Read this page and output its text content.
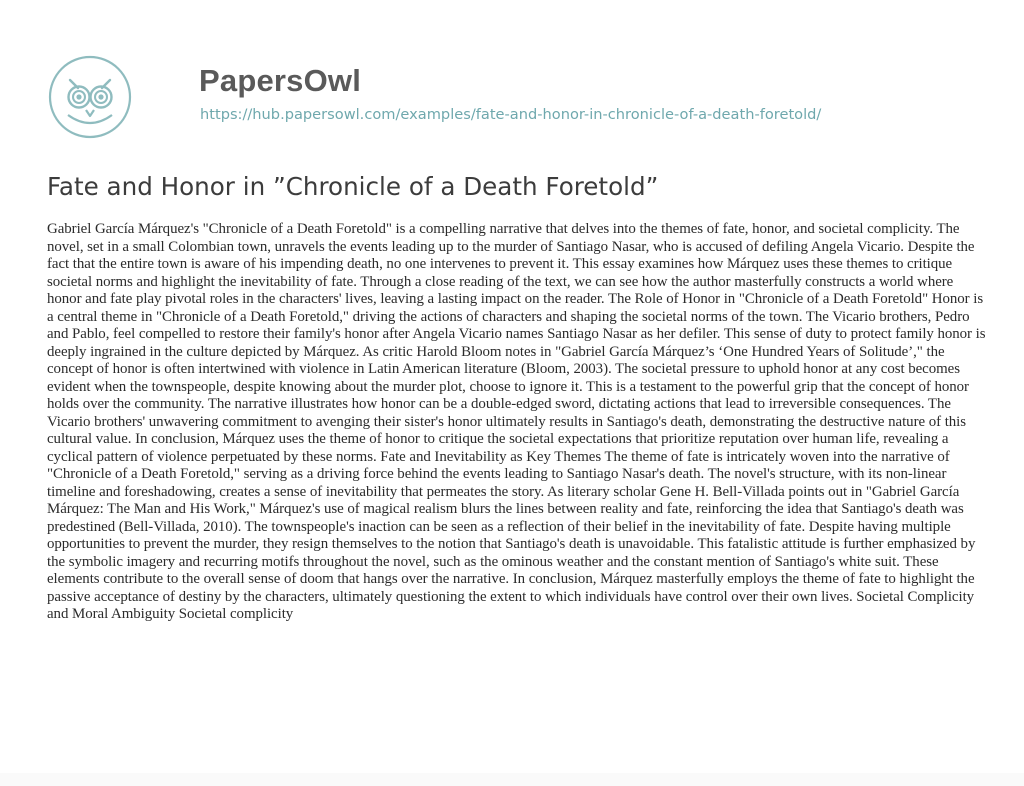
PapersOwl
https://hub.papersowl.com/examples/fate-and-honor-in-chronicle-of-a-death-foretold/
Fate and Honor in ”Chronicle of a Death Foretold”

Gabriel García Márquez's "Chronicle of a Death Foretold" is a compelling narrative that delves into the themes of fate, honor, and societal complicity. The novel, set in a small Colombian town, unravels the events leading up to the murder of Santiago Nasar, who is accused of defiling Angela Vicario. Despite the fact that the entire town is aware of his impending death, no one intervenes to prevent it. This essay examines how Márquez uses these themes to critique societal norms and highlight the inevitability of fate. Through a close reading of the text, we can see how the author masterfully constructs a world where honor and fate play pivotal roles in the characters' lives, leaving a lasting impact on the reader. The Role of Honor in "Chronicle of a Death Foretold" Honor is a central theme in "Chronicle of a Death Foretold," driving the actions of characters and shaping the societal norms of the town. The Vicario brothers, Pedro and Pablo, feel compelled to restore their family's honor after Angela Vicario names Santiago Nasar as her defiler. This sense of duty to protect family honor is deeply ingrained in the culture depicted by Márquez. As critic Harold Bloom notes in "Gabriel García Márquez’s ‘One Hundred Years of Solitude’," the concept of honor is often intertwined with violence in Latin American literature (Bloom, 2003). The societal pressure to uphold honor at any cost becomes evident when the townspeople, despite knowing about the murder plot, choose to ignore it. This is a testament to the powerful grip that the concept of honor holds over the community. The narrative illustrates how honor can be a double-edged sword, dictating actions that lead to irreversible consequences. The Vicario brothers' unwavering commitment to avenging their sister's honor ultimately results in Santiago's death, demonstrating the destructive nature of this cultural value. In conclusion, Márquez uses the theme of honor to critique the societal expectations that prioritize reputation over human life, revealing a cyclical pattern of violence perpetuated by these norms. Fate and Inevitability as Key Themes The theme of fate is intricately woven into the narrative of "Chronicle of a Death Foretold," serving as a driving force behind the events leading to Santiago Nasar's death. The novel's structure, with its non-linear timeline and foreshadowing, creates a sense of inevitability that permeates the story. As literary scholar Gene H. Bell-Villada points out in "Gabriel García Márquez: The Man and His Work," Márquez's use of magical realism blurs the lines between reality and fate, reinforcing the idea that Santiago's death was predestined (Bell-Villada, 2010). The townspeople's inaction can be seen as a reflection of their belief in the inevitability of fate. Despite having multiple opportunities to prevent the murder, they resign themselves to the notion that Santiago's death is unavoidable. This fatalistic attitude is further emphasized by the symbolic imagery and recurring motifs throughout the novel, such as the ominous weather and the constant mention of Santiago's white suit. These elements contribute to the overall sense of doom that hangs over the narrative. In conclusion, Márquez masterfully employs the theme of fate to highlight the passive acceptance of destiny by the characters, ultimately questioning the extent to which individuals have control over their own lives. Societal Complicity and Moral Ambiguity Societal complicity
